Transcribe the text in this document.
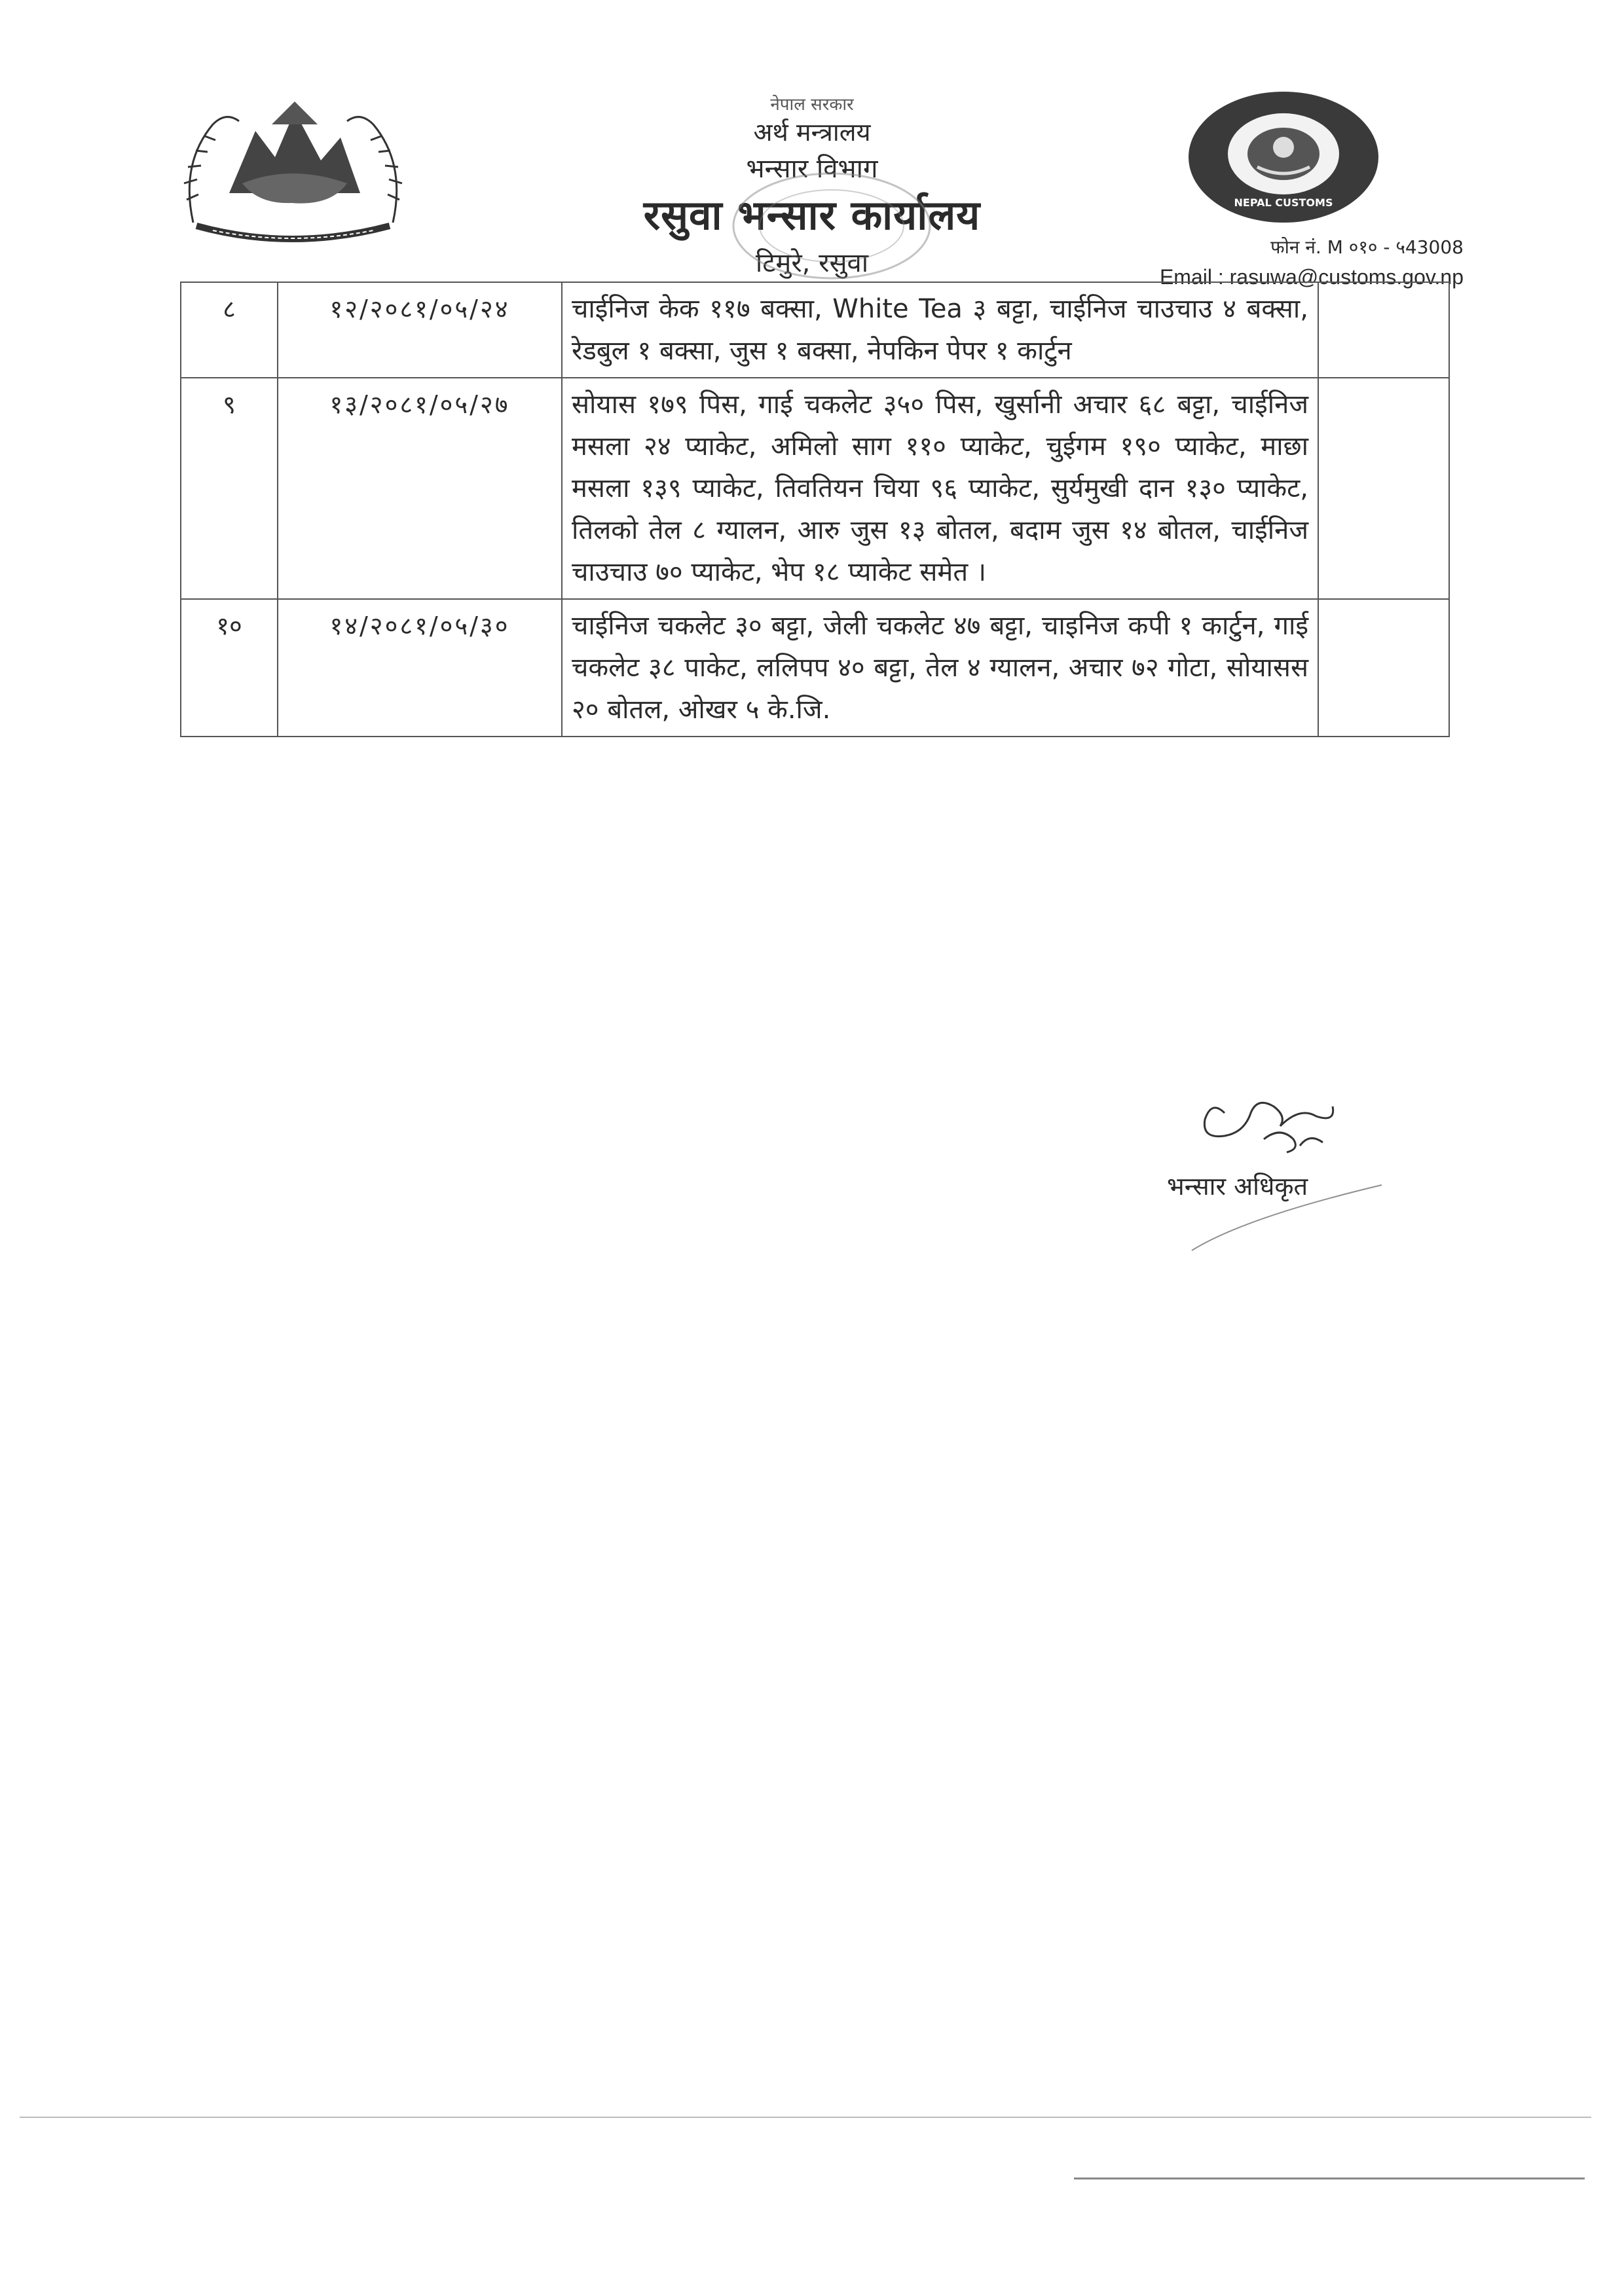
नेपाल सरकार
अर्थ मन्त्रालय
भन्सार विभाग
रसुवा भन्सार कार्यालय
टिमुरे, रसुवा
NEPAL CUSTOMS
फोन नं. M ०१० - ५43008
Email : rasuwa@customs.gov.np
८	१२/२०८१/०५/२४	चाईनिज केक ११७ बक्सा, White Tea ३ बट्टा, चाईनिज चाउचाउ ४ बक्सा, रेडबुल १ बक्सा, जुस १ बक्सा, नेपकिन पेपर १ कार्टुन	
९	१३/२०८१/०५/२७	सोयास १७९ पिस, गाई चकलेट ३५० पिस, खुर्सानी अचार ६८ बट्टा, चाईनिज मसला २४ प्याकेट, अमिलो साग ११० प्याकेट, चुईगम १९० प्याकेट, माछा मसला १३९ प्याकेट, तिवतियन चिया ९६ प्याकेट, सुर्यमुखी दान १३० प्याकेट, तिलको तेल ८ ग्यालन, आरु जुस १३ बोतल, बदाम जुस १४ बोतल, चाईनिज चाउचाउ ७० प्याकेट, भेप १८ प्याकेट समेत ।	
१०	१४/२०८१/०५/३०	चाईनिज चकलेट ३० बट्टा, जेली चकलेट ४७ बट्टा, चाइनिज कपी १ कार्टुन, गाई चकलेट ३८ पाकेट, ललिपप ४० बट्टा, तेल ४ ग्यालन, अचार ७२ गोटा, सोयासस २० बोतल, ओखर ५ के.जि.	
भन्सार अधिकृत
